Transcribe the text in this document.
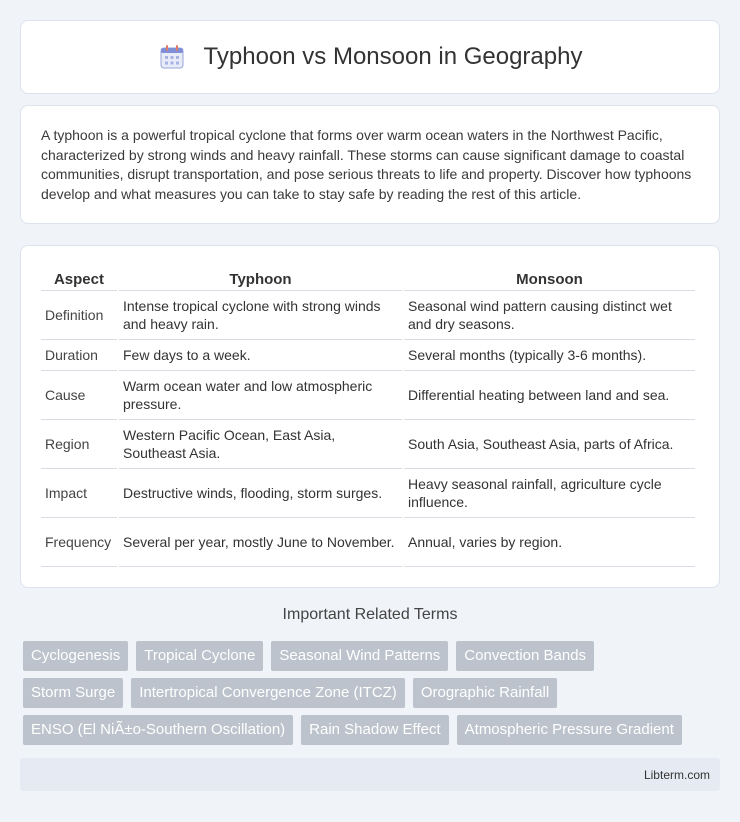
Typhoon vs Monsoon in Geography

A typhoon is a powerful tropical cyclone that forms over warm ocean waters in the Northwest Pacific, characterized by strong winds and heavy rainfall. These storms can cause significant damage to coastal communities, disrupt transportation, and pose serious threats to life and property. Discover how typhoons develop and what measures you can take to stay safe by reading the rest of this article.

Aspect	Typhoon	Monsoon
Definition	Intense tropical cyclone with strong winds and heavy rain.	Seasonal wind pattern causing distinct wet and dry seasons.
Duration	Few days to a week.	Several months (typically 3-6 months).
Cause	Warm ocean water and low atmospheric pressure.	Differential heating between land and sea.
Region	Western Pacific Ocean, East Asia, Southeast Asia.	South Asia, Southeast Asia, parts of Africa.
Impact	Destructive winds, flooding, storm surges.	Heavy seasonal rainfall, agriculture cycle influence.
Frequency	Several per year, mostly June to November.	Annual, varies by region.
Important Related Terms
Cyclogenesis	Tropical Cyclone	Seasonal Wind Patterns	Convection Bands
Storm Surge	Intertropical Convergence Zone (ITCZ)	Orographic Rainfall
ENSO (El NiÃ±o-Southern Oscillation)	Rain Shadow Effect	Atmospheric Pressure Gradient
Libterm.com
